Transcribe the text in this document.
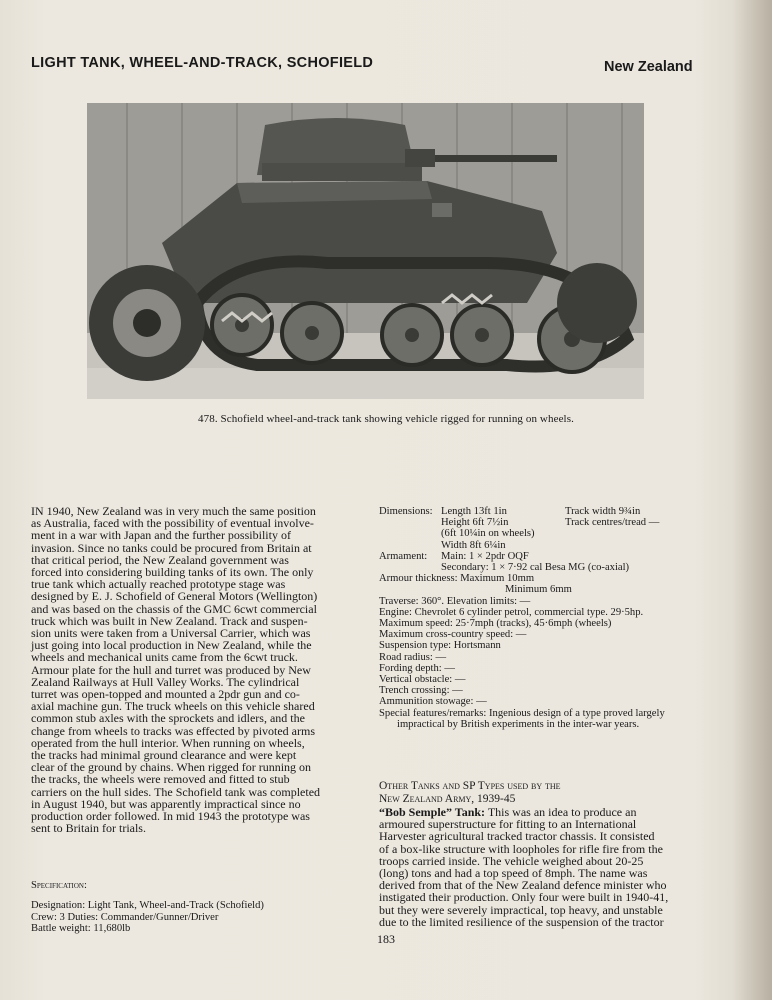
LIGHT TANK, WHEEL-AND-TRACK, SCHOFIELD	New Zealand
478. Schofield wheel-and-track tank showing vehicle rigged for running on wheels.
IN 1940, New Zealand was in very much the same position
as Australia, faced with the possibility of eventual involve-
ment in a war with Japan and the further possibility of
invasion. Since no tanks could be procured from Britain at
that critical period, the New Zealand government was
forced into considering building tanks of its own. The only
true tank which actually reached prototype stage was
designed by E. J. Schofield of General Motors (Wellington)
and was based on the chassis of the GMC 6cwt commercial
truck which was built in New Zealand. Track and suspen-
sion units were taken from a Universal Carrier, which was
just going into local production in New Zealand, while the
wheels and mechanical units came from the 6cwt truck.
Armour plate for the hull and turret was produced by New
Zealand Railways at Hull Valley Works. The cylindrical
turret was open-topped and mounted a 2pdr gun and co-
axial machine gun. The truck wheels on this vehicle shared
common stub axles with the sprockets and idlers, and the
change from wheels to tracks was effected by pivoted arms
operated from the hull interior. When running on wheels,
the tracks had minimal ground clearance and were kept
clear of the ground by chains. When rigged for running on
the tracks, the wheels were removed and fitted to stub
carriers on the hull sides. The Schofield tank was completed
in August 1940, but was apparently impractical since no
production order followed. In mid 1943 the prototype was
sent to Britain for trials.
Dimensions: Length 13ft 1in	Track width 9¾in
Height 6ft 7½in	Track centres/tread —
(6ft 10¼in on wheels)
Width 8ft 6¼in
Armament:	Main: 1 × 2pdr OQF
Secondary: 1 × 7·92 cal Besa MG (co-axial)
Armour thickness: Maximum 10mm
Minimum 6mm
Traverse: 360°. Elevation limits: —
Engine: Chevrolet 6 cylinder petrol, commercial type. 29·5hp.
Maximum speed: 25·7mph (tracks), 45·6mph (wheels)
Maximum cross-country speed: —
Suspension type: Hortsmann
Road radius: —
Fording depth: —
Vertical obstacle: —
Trench crossing: —
Ammunition stowage: —
Special features/remarks: Ingenious design of a type proved largely
impractical by British experiments in the inter-war years.
Other Tanks and SP Types used by the
New Zealand Army, 1939-45
“Bob Semple” Tank: This was an idea to produce an
armoured superstructure for fitting to an International
Harvester agricultural tracked tractor chassis. It consisted
of a box-like structure with loopholes for rifle fire from the
troops carried inside. The vehicle weighed about 20-25
(long) tons and had a top speed of 8mph. The name was
derived from that of the New Zealand defence minister who
instigated their production. Only four were built in 1940-41,
but they were severely impractical, top heavy, and unstable
due to the limited resilience of the suspension of the tractor
Specification:
Designation: Light Tank, Wheel-and-Track (Schofield)
Crew: 3 Duties: Commander/Gunner/Driver
Battle weight: 11,680lb
183
